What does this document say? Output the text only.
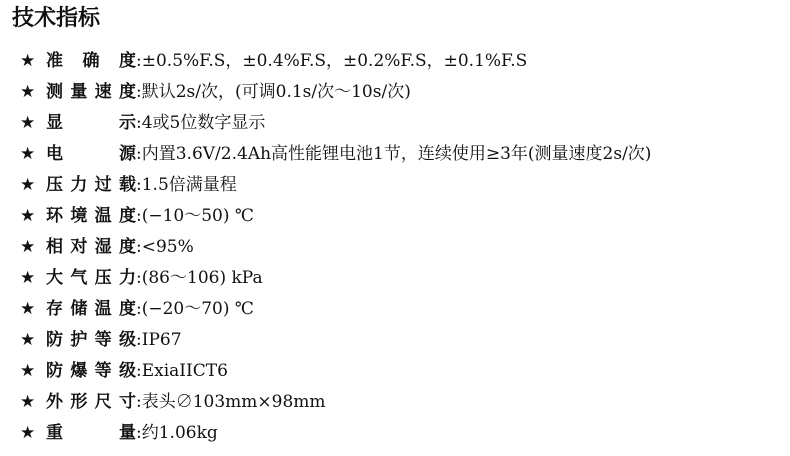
技术指标
★ 准确度 : ±0.5%F.S，±0.4%F.S，±0.2%F.S，±0.1%F.S
★ 测量速度 : 默认2s/次，(可调0.1s/次～10s/次)
★ 显示 : 4或5位数字显示
★ 电源 : 内置3.6V/2.4Ah高性能锂电池1节，连续使用≥3年(测量速度2s/次)
★ 压力过载 : 1.5倍满量程
★ 环境温度 : (−10～50) ℃
★ 相对湿度 : <95%
★ 大气压力 : (86～106) kPa
★ 存储温度 : (−20～70) ℃
★ 防护等级 : IP67
★ 防爆等级 : ExiaIICT6
★ 外形尺寸 : 表头∅103mm×98mm
★ 重量 : 约1.06kg
